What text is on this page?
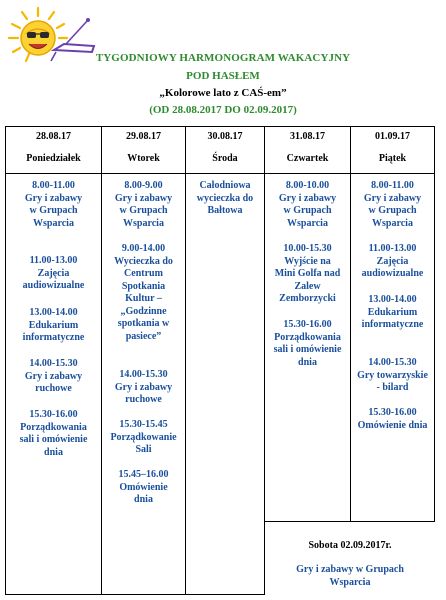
TYGODNIOWY HARMONOGRAM WAKACYJNY
POD HASŁEM
„Kolorowe lato z CAŚ-em”
(OD 28.08.2017 DO 02.09.2017)
28.08.17
Poniedziałek
8.00-11.00
Gry i zabawy
w Grupach
Wsparcia
11.00-13.00
Zajęcia
audiowizualne
13.00-14.00
Edukarium
informatyczne
14.00-15.30
Gry i zabawy
ruchowe
15.30-16.00
Porządkowania
sali i omówienie
dnia
29.08.17
Wtorek
8.00-9.00
Gry i zabawy
w Grupach
Wsparcia
9.00-14.00
Wycieczka do
Centrum
Spotkania
Kultur –
„Godzinne
spotkania w
pasiece”
14.00-15.30
Gry i zabawy
ruchowe
15.30-15.45
Porządkowanie
Sali
15.45–16.00
Omówienie
dnia
30.08.17
Środa
Całodniowa
wycieczka do
Bałtowa
31.08.17
Czwartek
8.00-10.00
Gry i zabawy
w Grupach
Wsparcia
10.00-15.30
Wyjście na
Mini Golfa nad
Zalew
Zemborzycki
15.30-16.00
Porządkowania
sali i omówienie
dnia
01.09.17
Piątek
8.00-11.00
Gry i zabawy
w Grupach
Wsparcia
11.00-13.00
Zajęcia
audiowizualne
13.00-14.00
Edukarium
informatyczne
14.00-15.30
Gry towarzyskie
- bilard
15.30-16.00
Omówienie dnia
Sobota 02.09.2017r.
Gry i zabawy w Grupach
Wsparcia
